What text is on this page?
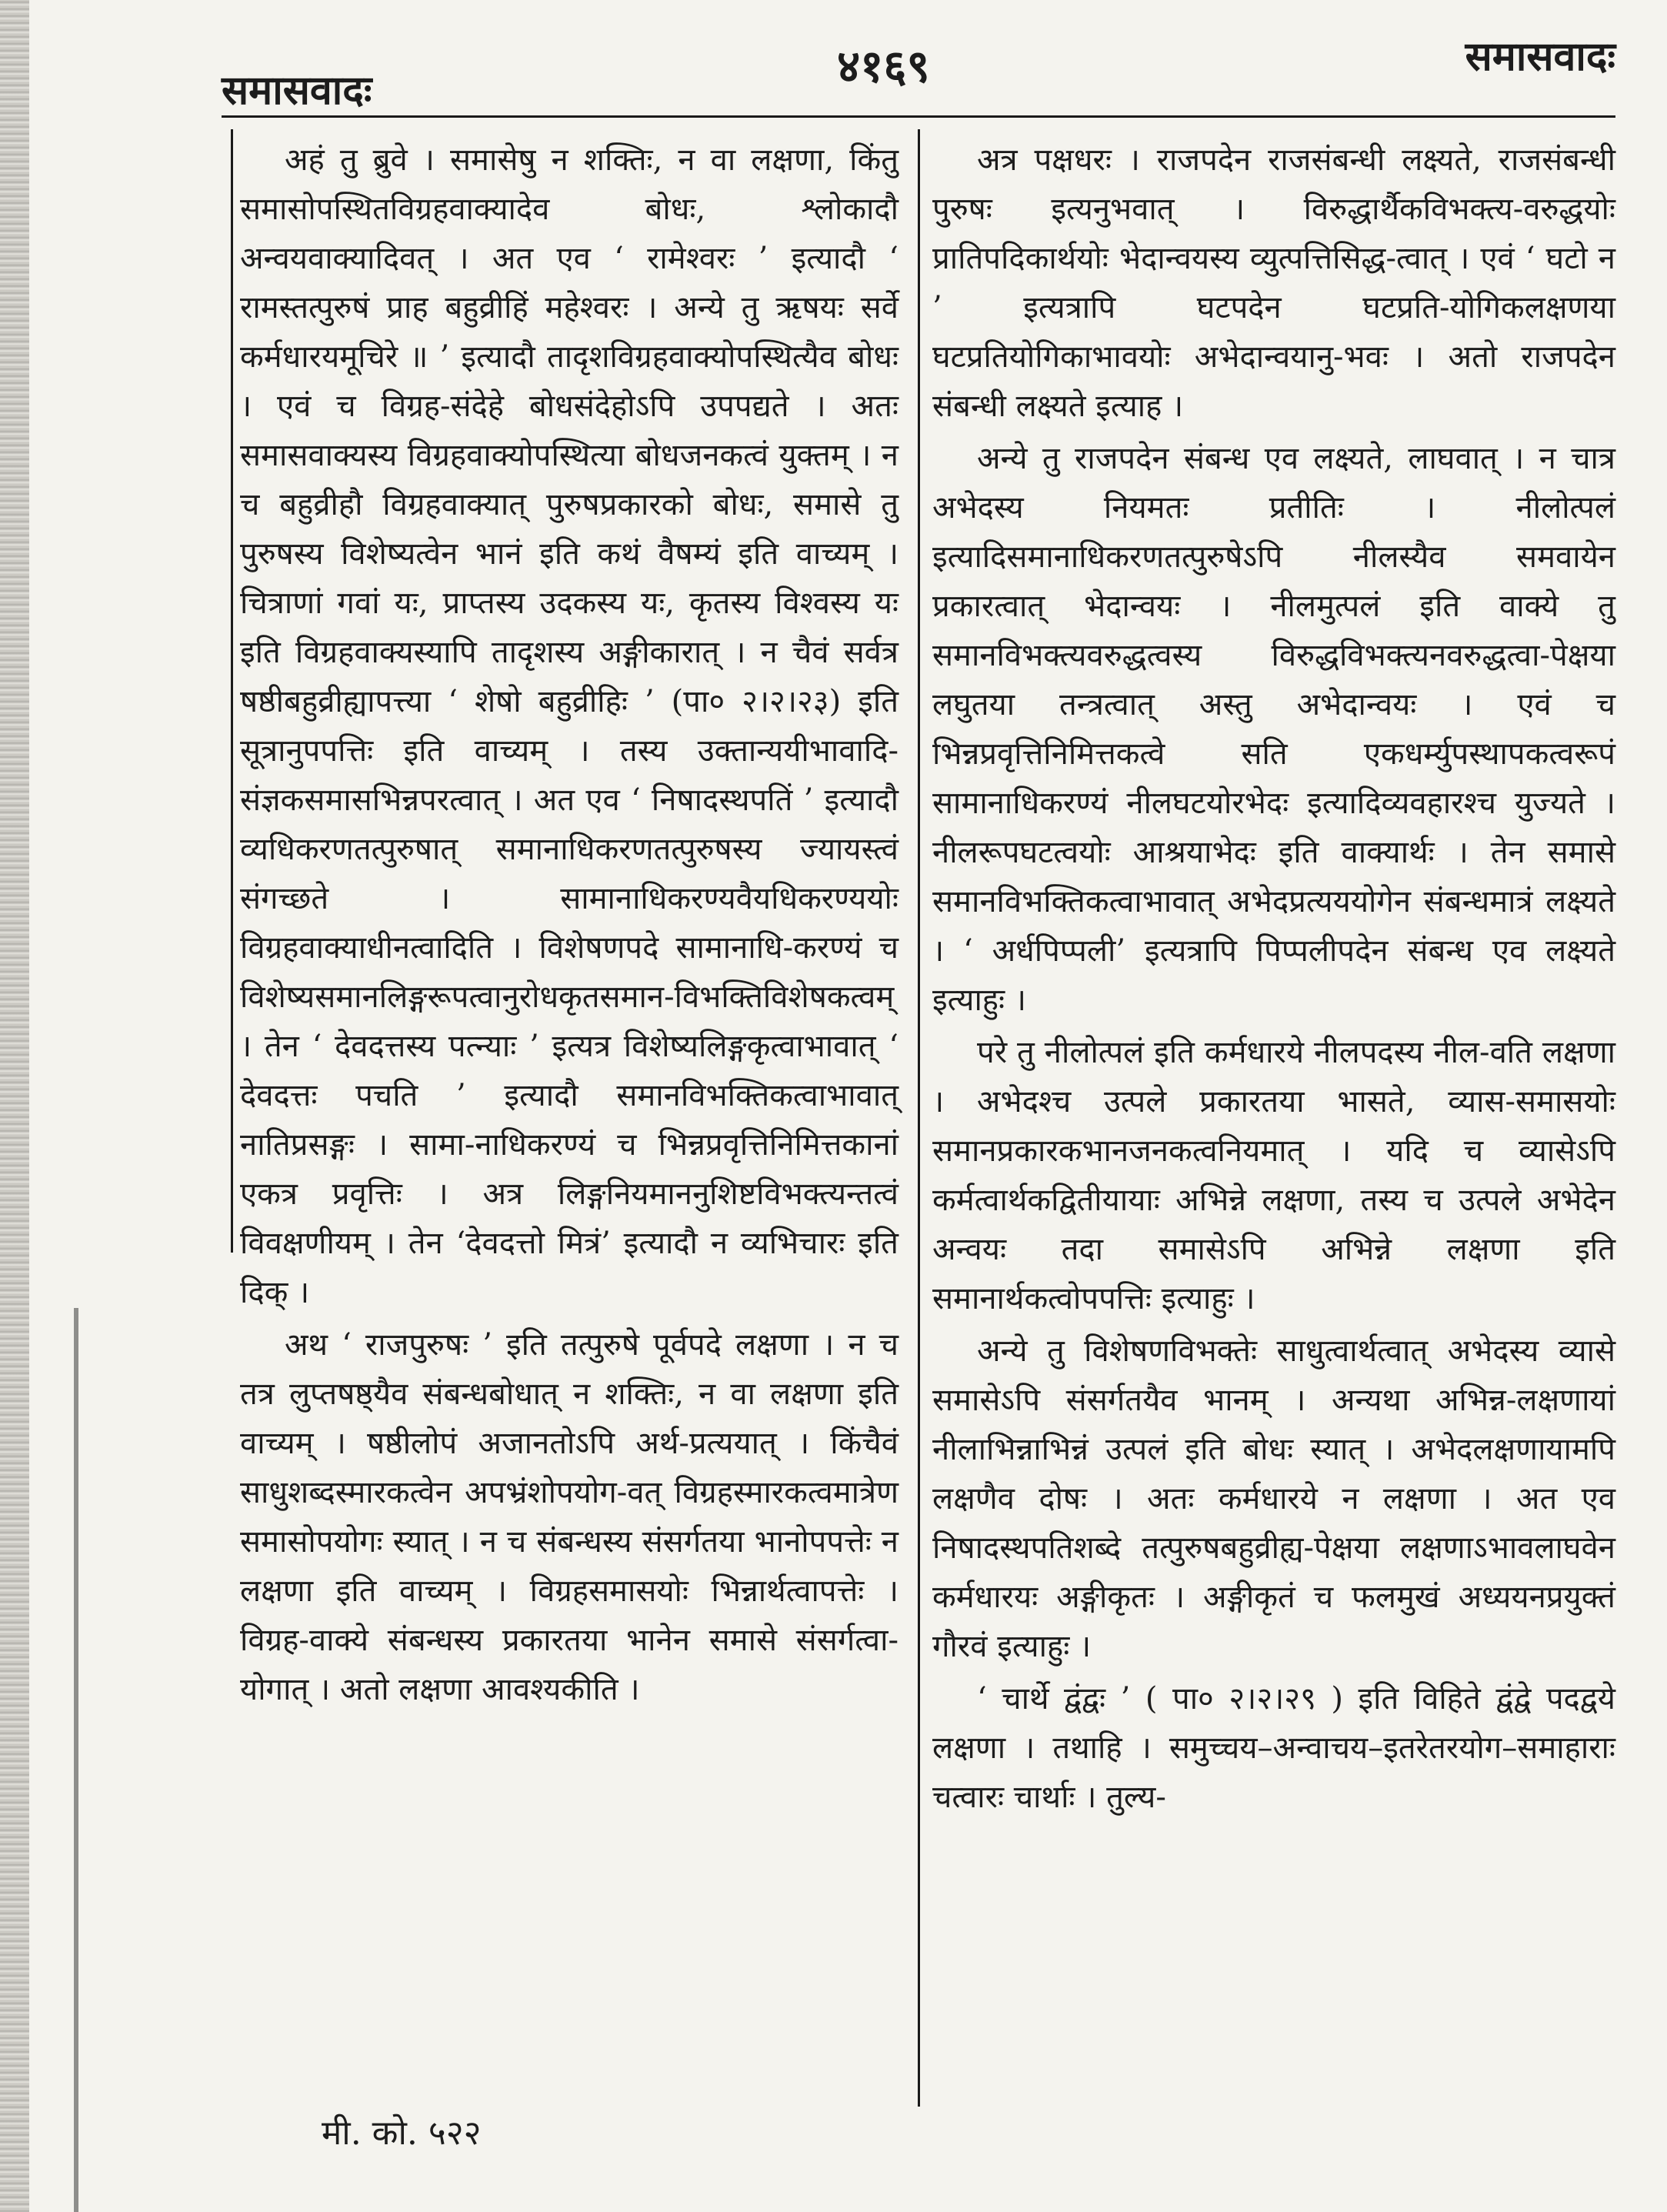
समासवादः	४१६९	समासवादः

अहं तु ब्रुवे । समासेषु न शक्तिः, न वा लक्षणा, किंतु समासोपस्थितविग्रहवाक्यादेव बोधः, श्लोकादौ अन्वयवाक्यादिवत् । अत एव ‘ रामेश्वरः ’ इत्यादौ ‘ रामस्तत्पुरुषं प्राह बहुव्रीहिं महेश्वरः । अन्ये तु ऋषयः सर्वे कर्मधारयमूचिरे ॥ ’ इत्यादौ तादृशविग्रहवाक्योपस्थित्यैव बोधः । एवं च विग्रह-संदेहे बोधसंदेहोऽपि उपपद्यते । अतः समासवाक्यस्य विग्रहवाक्योपस्थित्या बोधजनकत्वं युक्तम् । न च बहुव्रीहौ विग्रहवाक्यात् पुरुषप्रकारको बोधः, समासे तु पुरुषस्य विशेष्यत्वेन भानं इति कथं वैषम्यं इति वाच्यम् । चित्राणां गवां यः, प्राप्तस्य उदकस्य यः, कृतस्य विश्वस्य यः इति विग्रहवाक्यस्यापि तादृशस्य अङ्गीकारात् । न चैवं सर्वत्र षष्ठीबहुव्रीह्यापत्त्या ‘ शेषो बहुव्रीहिः ’ (पा० २।२।२३) इति सूत्रानुपपत्तिः इति वाच्यम् । तस्य उक्तान्ययीभावादि-संज्ञकसमासभिन्नपरत्वात् । अत एव ‘ निषादस्थपतिं ’ इत्यादौ व्यधिकरणतत्पुरुषात् समानाधिकरणतत्पुरुषस्य ज्यायस्त्वं संगच्छते । सामानाधिकरण्यवैयधिकरण्ययोः विग्रहवाक्याधीनत्वादिति । विशेषणपदे सामानाधि-करण्यं च विशेष्यसमानलिङ्गरूपत्वानुरोधकृतसमान-विभक्तिविशेषकत्वम् । तेन ‘ देवदत्तस्य पत्न्याः ’ इत्यत्र विशेष्यलिङ्गकृत्वाभावात् ‘ देवदत्तः पचति ’ इत्यादौ समानविभक्तिकत्वाभावात् नातिप्रसङ्गः । सामा-नाधिकरण्यं च भिन्नप्रवृत्तिनिमित्तकानां एकत्र प्रवृत्तिः । अत्र लिङ्गनियमाननुशिष्टविभक्त्यन्तत्वं विवक्षणीयम् । तेन ‘देवदत्तो मित्रं’ इत्यादौ न व्यभिचारः इति दिक् ।

अथ ‘ राजपुरुषः ’ इति तत्पुरुषे पूर्वपदे लक्षणा । न च तत्र लुप्तषष्ठ्यैव संबन्धबोधात् न शक्तिः, न वा लक्षणा इति वाच्यम् । षष्ठीलोपं अजानतोऽपि अर्थ-प्रत्ययात् । किंचैवं साधुशब्दस्मारकत्वेन अपभ्रंशोपयोग-वत् विग्रहस्मारकत्वमात्रेण समासोपयोगः स्यात् । न च संबन्धस्य संसर्गतया भानोपपत्तेः न लक्षणा इति वाच्यम् । विग्रहसमासयोः भिन्नार्थत्वापत्तेः । विग्रह-वाक्ये संबन्धस्य प्रकारतया भानेन समासे संसर्गत्वा-योगात् । अतो लक्षणा आवश्यकीति ।

अत्र पक्षधरः । राजपदेन राजसंबन्धी लक्ष्यते, राजसंबन्धी पुरुषः इत्यनुभवात् । विरुद्धार्थैकविभक्त्य-वरुद्धयोः प्रातिपदिकार्थयोः भेदान्वयस्य व्युत्पत्तिसिद्ध-त्वात् । एवं ‘ घटो न ’ इत्यत्रापि घटपदेन घटप्रति-योगिकलक्षणया घटप्रतियोगिकाभावयोः अभेदान्वयानु-भवः । अतो राजपदेन संबन्धी लक्ष्यते इत्याह ।

अन्ये तु राजपदेन संबन्ध एव लक्ष्यते, लाघवात् । न चात्र अभेदस्य नियमतः प्रतीतिः । नीलोत्पलं इत्यादिसमानाधिकरणतत्पुरुषेऽपि नीलस्यैव समवायेन प्रकारत्वात् भेदान्वयः । नीलमुत्पलं इति वाक्ये तु समानविभक्त्यवरुद्धत्वस्य विरुद्धविभक्त्यनवरुद्धत्वा-पेक्षया लघुतया तन्त्रत्वात् अस्तु अभेदान्वयः । एवं च भिन्नप्रवृत्तिनिमित्तकत्वे सति एकधर्म्युपस्थापकत्वरूपं सामानाधिकरण्यं नीलघटयोरभेदः इत्यादिव्यवहारश्च युज्यते । नीलरूपघटत्वयोः आश्रयाभेदः इति वाक्यार्थः । तेन समासे समानविभक्तिकत्वाभावात् अभेदप्रत्यययोगेन संबन्धमात्रं लक्ष्यते । ‘ अर्धपिप्पली’ इत्यत्रापि पिप्पलीपदेन संबन्ध एव लक्ष्यते इत्याहुः ।

परे तु नीलोत्पलं इति कर्मधारये नीलपदस्य नील-वति लक्षणा । अभेदश्च उत्पले प्रकारतया भासते, व्यास-समासयोः समानप्रकारकभानजनकत्वनियमात् । यदि च व्यासेऽपि कर्मत्वार्थकद्वितीयायाः अभिन्ने लक्षणा, तस्य च उत्पले अभेदेन अन्वयः तदा समासेऽपि अभिन्ने लक्षणा इति समानार्थकत्वोपपत्तिः इत्याहुः ।

अन्ये तु विशेषणविभक्तेः साधुत्वार्थत्वात् अभेदस्य व्यासे समासेऽपि संसर्गतयैव भानम् । अन्यथा अभिन्न-लक्षणायां नीलाभिन्नाभिन्नं उत्पलं इति बोधः स्यात् । अभेदलक्षणायामपि लक्षणैव दोषः । अतः कर्मधारये न लक्षणा । अत एव निषादस्थपतिशब्दे तत्पुरुषबहुव्रीह्य-पेक्षया लक्षणाऽभावलाघवेन कर्मधारयः अङ्गीकृतः । अङ्गीकृतं च फलमुखं अध्ययनप्रयुक्तं गौरवं इत्याहुः ।

‘ चार्थे द्वंद्वः ’ ( पा० २।२।२९ ) इति विहिते द्वंद्वे पदद्वये लक्षणा । तथाहि । समुच्चय–अन्वाचय–इतरेतरयोग–समाहाराः चत्वारः चार्थाः । तुल्य-

मी. को. ५२२
